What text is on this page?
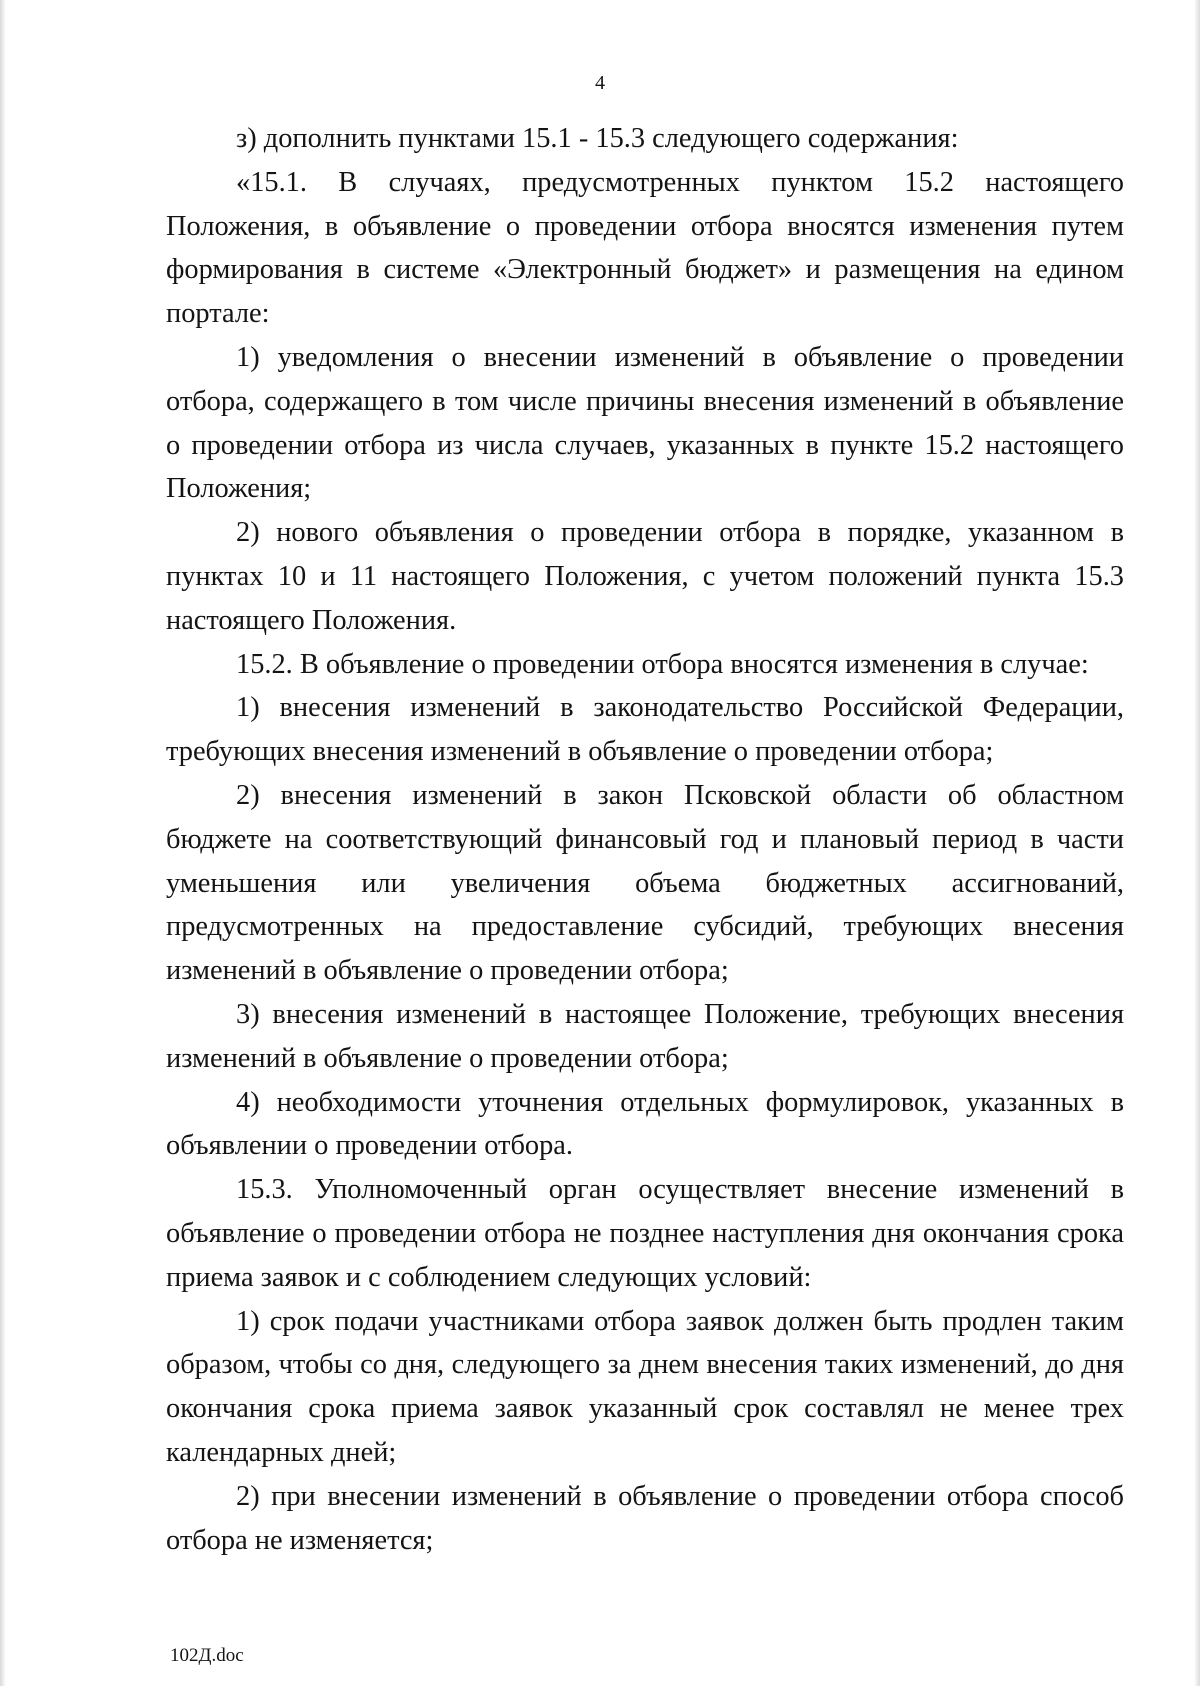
4

з) дополнить пунктами 15.1 - 15.3 следующего содержания:

«15.1. В случаях, предусмотренных пунктом 15.2 настоящего Положения, в объявление о проведении отбора вносятся изменения путем формирования в системе «Электронный бюджет» и размещения на едином портале:

1) уведомления о внесении изменений в объявление о проведении отбора, содержащего в том числе причины внесения изменений в объявление о проведении отбора из числа случаев, указанных в пункте 15.2 настоящего Положения;

2) нового объявления о проведении отбора в порядке, указанном в пунктах 10 и 11 настоящего Положения, с учетом положений пункта 15.3 настоящего Положения.

15.2. В объявление о проведении отбора вносятся изменения в случае:

1) внесения изменений в законодательство Российской Федерации, требующих внесения изменений в объявление о проведении отбора;

2) внесения изменений в закон Псковской области об областном бюджете на соответствующий финансовый год и плановый период в части уменьшения или увеличения объема бюджетных ассигнований, предусмотренных на предоставление субсидий, требующих внесения изменений в объявление о проведении отбора;

3) внесения изменений в настоящее Положение, требующих внесения изменений в объявление о проведении отбора;

4) необходимости уточнения отдельных формулировок, указанных в объявлении о проведении отбора.

15.3. Уполномоченный орган осуществляет внесение изменений в объявление о проведении отбора не позднее наступления дня окончания срока приема заявок и с соблюдением следующих условий:

1) срок подачи участниками отбора заявок должен быть продлен таким образом, чтобы со дня, следующего за днем внесения таких изменений, до дня окончания срока приема заявок указанный срок составлял не менее трех календарных дней;

2) при внесении изменений в объявление о проведении отбора способ отбора не изменяется;

102Д.doc
